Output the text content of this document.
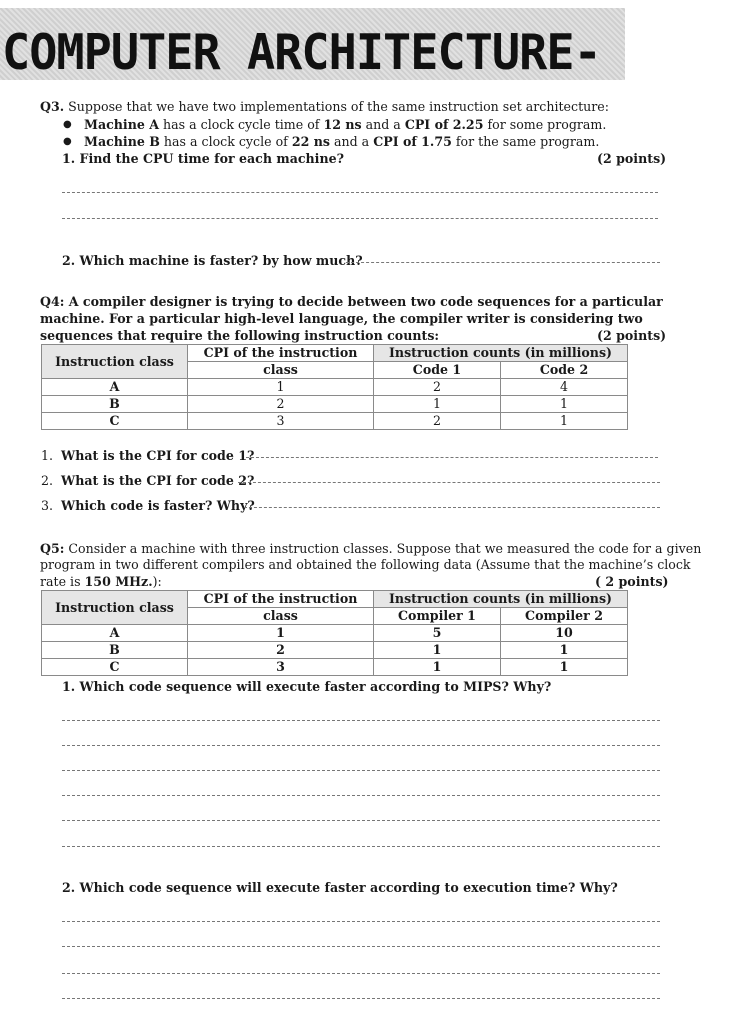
COMPUTER ARCHITECTURE-
Q3. Suppose that we have two implementations of the same instruction set architecture:
● Machine A has a clock cycle time of 12 ns and a CPI of 2.25 for some program.
● Machine B has a clock cycle of 22 ns and a CPI of 1.75 for the same program.
1. Find the CPU time for each machine?	(2 points)
2. Which machine is faster? by how much?
Q4: A compiler designer is trying to decide between two code sequences for a particular
machine. For a particular high-level language, the compiler writer is considering two
sequences that require the following instruction counts:	(2 points)
Instruction class	CPI of the instruction	Instruction counts (in millions)	
	class	Code 1	Code 2
A	1	2	4
B	2	1	1
C	3	2	1
1. What is the CPI for code 1?
2. What is the CPI for code 2?
3. Which code is faster? Why?
Q5: Consider a machine with three instruction classes. Suppose that we measured the code for a given
program in two different compilers and obtained the following data (Assume that the machine’s clock
rate is 150 MHz.):	( 2 points)
Instruction class	CPI of the instruction	Instruction counts (in millions)	
	class	Compiler 1	Compiler 2
A	1	5	10
B	2	1	1
C	3	1	1
1. Which code sequence will execute faster according to MIPS? Why?
2. Which code sequence will execute faster according to execution time? Why?
